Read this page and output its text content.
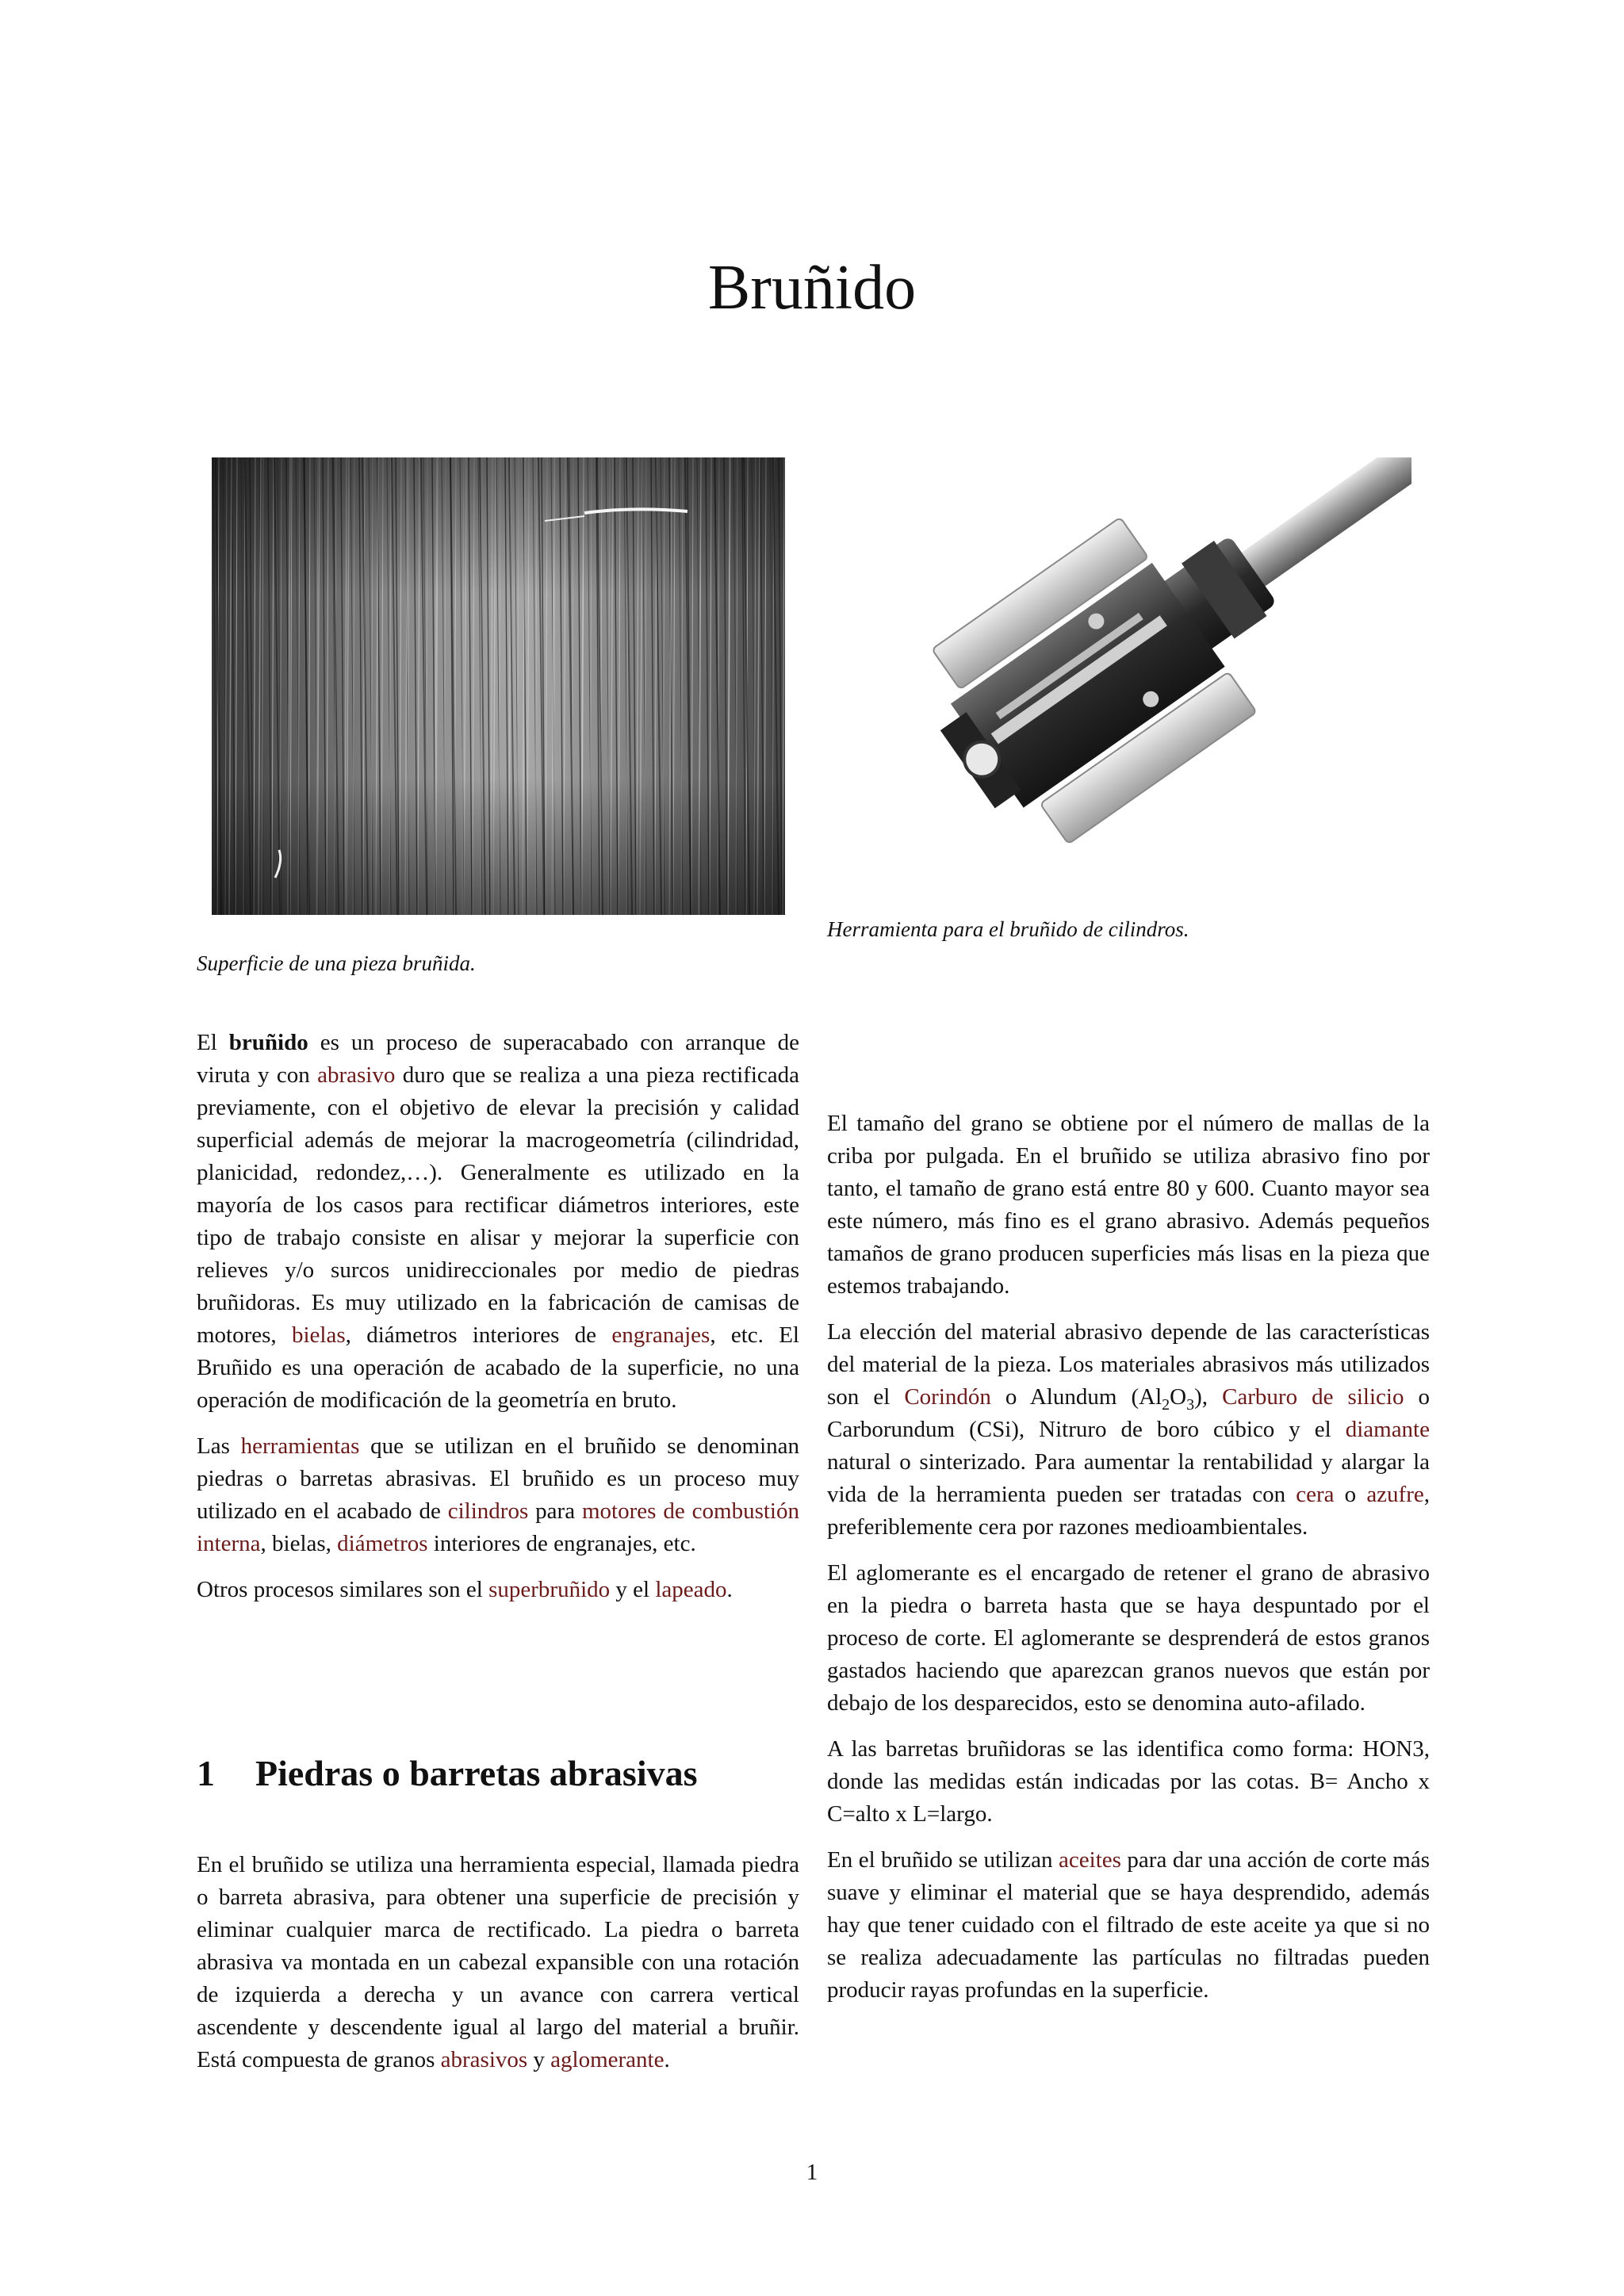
Bruñido
Superficie de una pieza bruñida.
Herramienta para el bruñido de cilindros.

El bruñido es un proceso de superacabado con arranque de viruta y con abrasivo duro que se realiza a una pieza rectificada previamente, con el objetivo de elevar la precisión y calidad superficial además de mejorar la macrogeometría (cilindridad, planicidad, redondez,…). Generalmente es utilizado en la mayoría de los casos para rectificar diámetros interiores, este tipo de trabajo consiste en alisar y mejorar la superficie con relieves y/o surcos unidireccionales por medio de piedras bruñidoras. Es muy utilizado en la fabricación de camisas de motores, bielas, diámetros interiores de engranajes, etc. El Bruñido es una operación de acabado de la superficie, no una operación de modificación de la geometría en bruto.

Las herramientas que se utilizan en el bruñido se denominan piedras o barretas abrasivas. El bruñido es un proceso muy utilizado en el acabado de cilindros para motores de combustión interna, bielas, diámetros interiores de engranajes, etc.

Otros procesos similares son el superbruñido y el lapeado.

1 Piedras o barretas abrasivas

En el bruñido se utiliza una herramienta especial, llamada piedra o barreta abrasiva, para obtener una superficie de precisión y eliminar cualquier marca de rectificado. La piedra o barreta abrasiva va montada en un cabezal expansible con una rotación de izquierda a derecha y un avance con carrera vertical ascendente y descendente igual al largo del material a bruñir. Está compuesta de granos abrasivos y aglomerante.

El tamaño del grano se obtiene por el número de mallas de la criba por pulgada. En el bruñido se utiliza abrasivo fino por tanto, el tamaño de grano está entre 80 y 600. Cuanto mayor sea este número, más fino es el grano abrasivo. Además pequeños tamaños de grano producen superficies más lisas en la pieza que estemos trabajando.

La elección del material abrasivo depende de las características del material de la pieza. Los materiales abrasivos más utilizados son el Corindón o Alundum $(Al_2O_3)$, Carburo de silicio o Carborundum (CSi), Nitruro de boro cúbico y el diamante natural o sinterizado. Para aumentar la rentabilidad y alargar la vida de la herramienta pueden ser tratadas con cera o azufre, preferiblemente cera por razones medioambientales.

El aglomerante es el encargado de retener el grano de abrasivo en la piedra o barreta hasta que se haya despuntado por el proceso de corte. El aglomerante se desprenderá de estos granos gastados haciendo que aparezcan granos nuevos que están por debajo de los desparecidos, esto se denomina auto-afilado.

A las barretas bruñidoras se las identifica como forma: HON3, donde las medidas están indicadas por las cotas. B= Ancho x C=alto x L=largo.

En el bruñido se utilizan aceites para dar una acción de corte más suave y eliminar el material que se haya desprendido, además hay que tener cuidado con el filtrado de este aceite ya que si no se realiza adecuadamente las partículas no filtradas pueden producir rayas profundas en la superficie.

1
